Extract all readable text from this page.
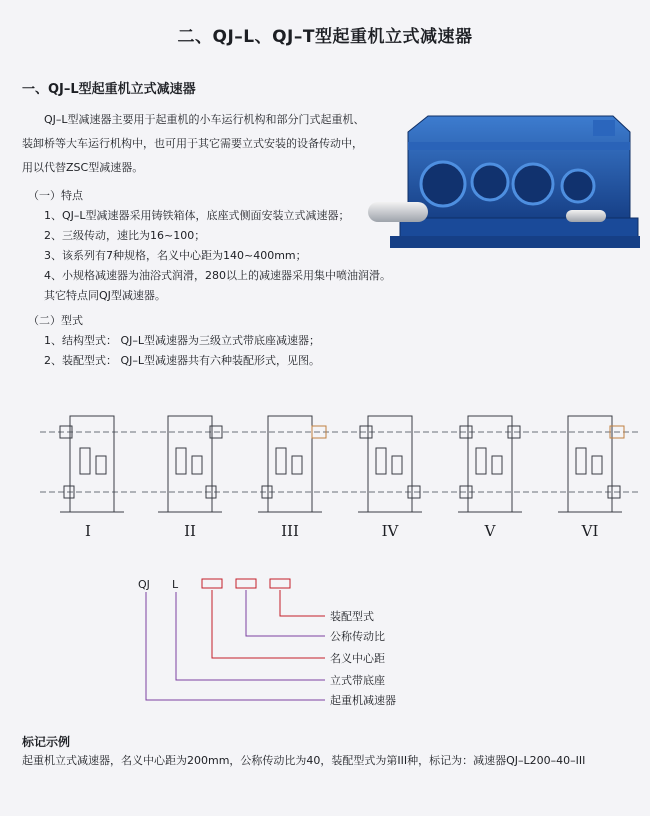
二、QJ–L、QJ–T型起重机立式减速器
一、QJ–L型起重机立式减速器

QJ–L型减速器主要用于起重机的小车运行机构和部分门式起重机、装卸桥等大车运行机构中，也可用于其它需要立式安装的设备传动中，用以代替ZSC型减速器。

（一）特点
1、QJ–L型减速器采用铸铁箱体，底座式侧面安装立式减速器；
2、三级传动，速比为16~100；
3、该系列有7种规格，名义中心距为140~400mm；
4、小规格减速器为油浴式润滑，280以上的减速器采用集中喷油润滑。
其它特点同QJ型减速器。
（二）型式
1、结构型式： QJ–L型减速器为三级立式带底座减速器；
2、装配型式： QJ–L型减速器共有六种装配形式，见图。
I	II	III	IV	V	VI
QJ L
装配型式
公称传动比
名义中心距
立式带底座
起重机减速器
标记示例
起重机立式减速器，名义中心距为200mm，公称传动比为40，装配型式为第III种，标记为：减速器QJ–L200–40–III
